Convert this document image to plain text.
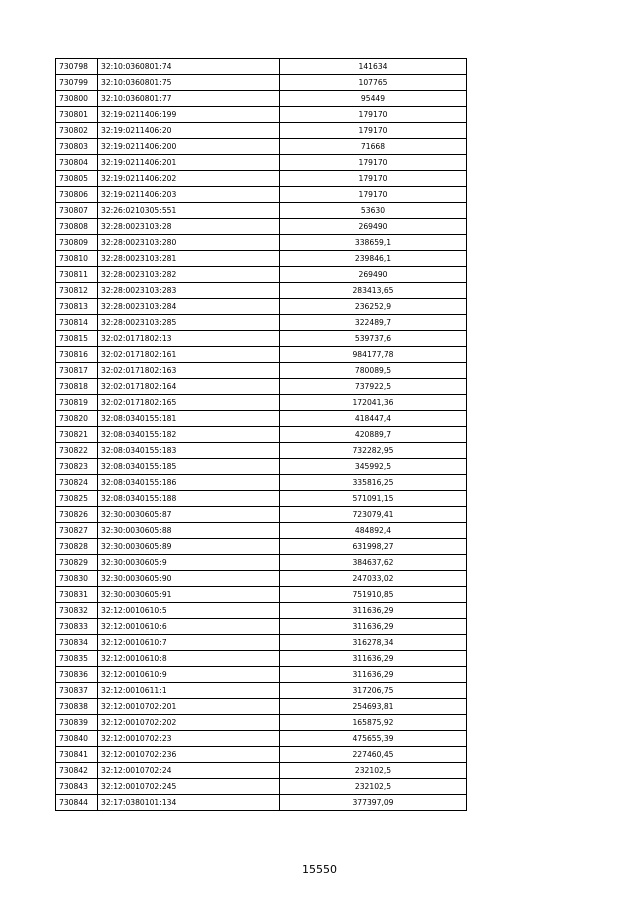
730798	32:10:0360801:74	141634
730799	32:10:0360801:75	107765
730800	32:10:0360801:77	95449
730801	32:19:0211406:199	179170
730802	32:19:0211406:20	179170
730803	32:19:0211406:200	71668
730804	32:19:0211406:201	179170
730805	32:19:0211406:202	179170
730806	32:19:0211406:203	179170
730807	32:26:0210305:551	53630
730808	32:28:0023103:28	269490
730809	32:28:0023103:280	338659,1
730810	32:28:0023103:281	239846,1
730811	32:28:0023103:282	269490
730812	32:28:0023103:283	283413,65
730813	32:28:0023103:284	236252,9
730814	32:28:0023103:285	322489,7
730815	32:02:0171802:13	539737,6
730816	32:02:0171802:161	984177,78
730817	32:02:0171802:163	780089,5
730818	32:02:0171802:164	737922,5
730819	32:02:0171802:165	172041,36
730820	32:08:0340155:181	418447,4
730821	32:08:0340155:182	420889,7
730822	32:08:0340155:183	732282,95
730823	32:08:0340155:185	345992,5
730824	32:08:0340155:186	335816,25
730825	32:08:0340155:188	571091,15
730826	32:30:0030605:87	723079,41
730827	32:30:0030605:88	484892,4
730828	32:30:0030605:89	631998,27
730829	32:30:0030605:9	384637,62
730830	32:30:0030605:90	247033,02
730831	32:30:0030605:91	751910,85
730832	32:12:0010610:5	311636,29
730833	32:12:0010610:6	311636,29
730834	32:12:0010610:7	316278,34
730835	32:12:0010610:8	311636,29
730836	32:12:0010610:9	311636,29
730837	32:12:0010611:1	317206,75
730838	32:12:0010702:201	254693,81
730839	32:12:0010702:202	165875,92
730840	32:12:0010702:23	475655,39
730841	32:12:0010702:236	227460,45
730842	32:12:0010702:24	232102,5
730843	32:12:0010702:245	232102,5
730844	32:17:0380101:134	377397,09
15550
